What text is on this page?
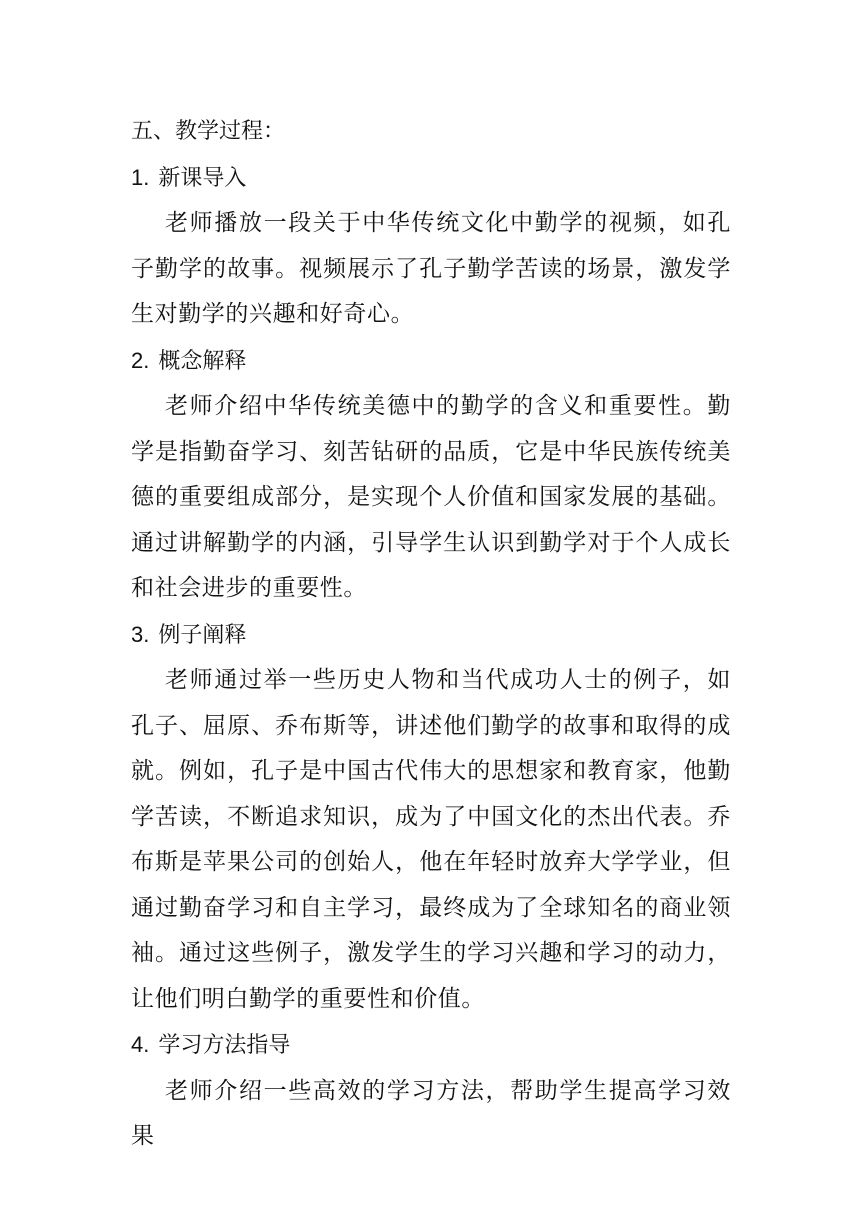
五、教学过程：

1. 新课导入

老师播放一段关于中华传统文化中勤学的视频，如孔子勤学的故事。视频展示了孔子勤学苦读的场景，激发学生对勤学的兴趣和好奇心。

2. 概念解释

老师介绍中华传统美德中的勤学的含义和重要性。勤学是指勤奋学习、刻苦钻研的品质，它是中华民族传统美德的重要组成部分，是实现个人价值和国家发展的基础。通过讲解勤学的内涵，引导学生认识到勤学对于个人成长和社会进步的重要性。

3. 例子阐释

老师通过举一些历史人物和当代成功人士的例子，如孔子、屈原、乔布斯等，讲述他们勤学的故事和取得的成就。例如，孔子是中国古代伟大的思想家和教育家，他勤学苦读，不断追求知识，成为了中国文化的杰出代表。乔布斯是苹果公司的创始人，他在年轻时放弃大学学业，但通过勤奋学习和自主学习，最终成为了全球知名的商业领袖。通过这些例子，激发学生的学习兴趣和学习的动力，让他们明白勤学的重要性和价值。

4. 学习方法指导

老师介绍一些高效的学习方法，帮助学生提高学习效果
